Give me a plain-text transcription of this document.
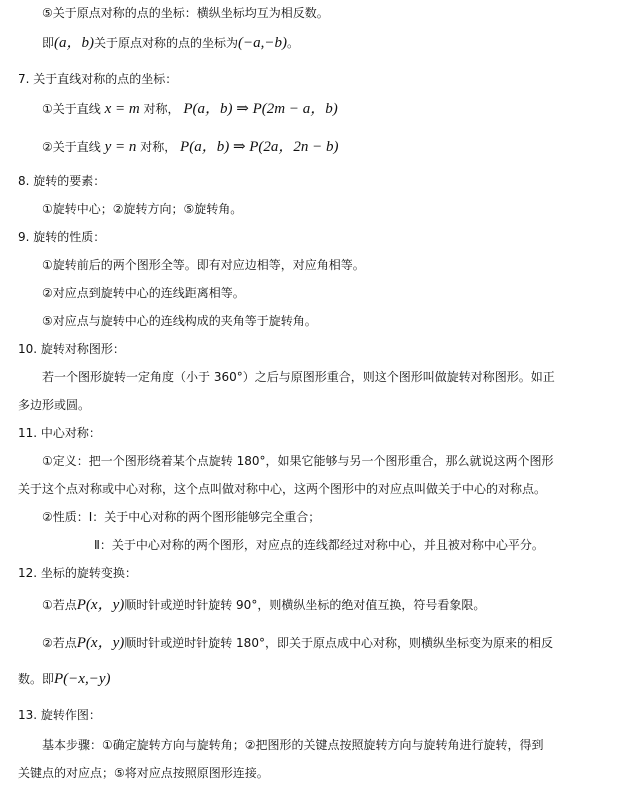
⑤关于原点对称的点的坐标：横纵坐标均互为相反数。
即(a，b)关于原点对称的点的坐标为(−a,−b)。
7. 关于直线对称的点的坐标：
①关于直线 x = m 对称， P(a，b) ⇒ P(2m − a，b)
②关于直线 y = n 对称， P(a，b) ⇒ P(2a，2n − b)
8. 旋转的要素：
①旋转中心；②旋转方向；⑤旋转角。
9. 旋转的性质：
①旋转前后的两个图形全等。即有对应边相等，对应角相等。
②对应点到旋转中心的连线距离相等。
⑤对应点与旋转中心的连线构成的夹角等于旋转角。
10. 旋转对称图形：
若一个图形旋转一定角度（小于 360°）之后与原图形重合，则这个图形叫做旋转对称图形。如正
多边形或圆。
11. 中心对称：
①定义：把一个图形绕着某个点旋转 180°，如果它能够与另一个图形重合，那么就说这两个图形
关于这个点对称或中心对称，这个点叫做对称中心，这两个图形中的对应点叫做关于中心的对称点。
②性质：Ⅰ：关于中心对称的两个图形能够完全重合；
Ⅱ：关于中心对称的两个图形，对应点的连线都经过对称中心，并且被对称中心平分。
12. 坐标的旋转变换：
①若点P(x，y)顺时针或逆时针旋转 90°，则横纵坐标的绝对值互换，符号看象限。
②若点P(x，y)顺时针或逆时针旋转 180°，即关于原点成中心对称，则横纵坐标变为原来的相反
数。即P(−x,−y)
13. 旋转作图：
基本步骤：①确定旋转方向与旋转角；②把图形的关键点按照旋转方向与旋转角进行旋转，得到
关键点的对应点；⑤将对应点按照原图形连接。
